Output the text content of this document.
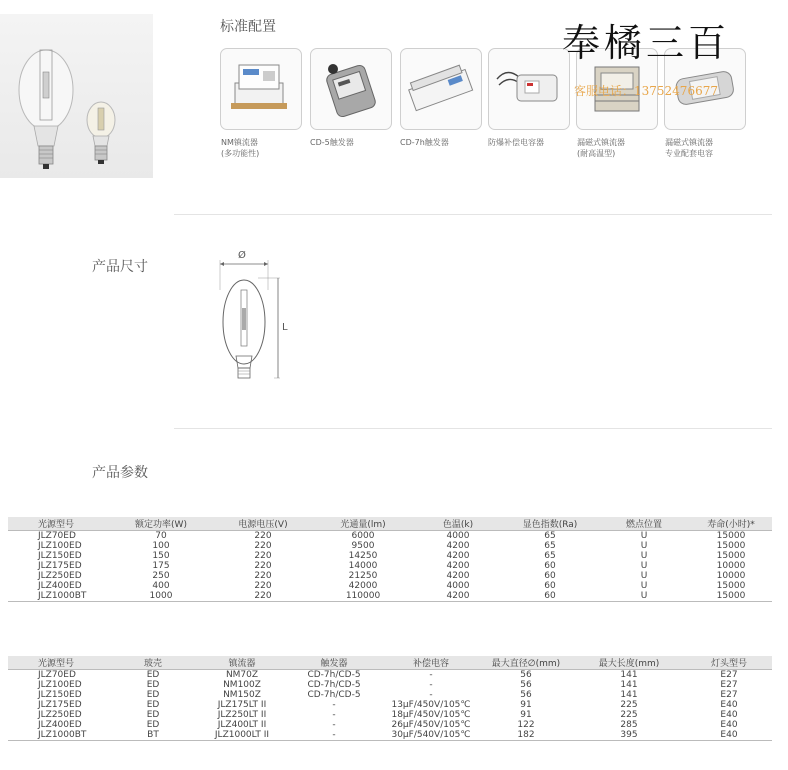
标准配置
NM镇流器
(多功能性)
CD-5触发器	CD-7h触发器	防爆补偿电容器	漏磁式镇流器
(耐高温型)
漏磁式镇流器
专业配套电容
奉橘三百
客服电话：13752476677
产品尺寸
Ø
L
产品参数
光源型号	额定功率(W)	电源电压(V)	光通量(lm)	色温(k)	显色指数(Ra)	燃点位置	寿命(小时)*
JLZ70ED	70	220	6000	4000	65	U	15000
JLZ100ED	100	220	9500	4200	65	U	15000
JLZ150ED	150	220	14250	4200	65	U	15000
JLZ175ED	175	220	14000	4200	60	U	10000
JLZ250ED	250	220	21250	4200	60	U	10000
JLZ400ED	400	220	42000	4000	60	U	15000
JLZ1000BT	1000	220	110000	4200	60	U	15000
光源型号	玻壳	镇流器	触发器	补偿电容	最大直径∅(mm)	最大长度(mm)	灯头型号
JLZ70ED	ED	NM70Z	CD-7h/CD-5	-	56	141	E27
JLZ100ED	ED	NM100Z	CD-7h/CD-5	-	56	141	E27
JLZ150ED	ED	NM150Z	CD-7h/CD-5	-	56	141	E27
JLZ175ED	ED	JLZ175LT II	-	13μF/450V/105℃	91	225	E40
JLZ250ED	ED	JLZ250LT II	-	18μF/450V/105℃	91	225	E40
JLZ400ED	ED	JLZ400LT II	-	26μF/450V/105℃	122	285	E40
JLZ1000BT	BT	JLZ1000LT II	-	30μF/540V/105℃	182	395	E40
